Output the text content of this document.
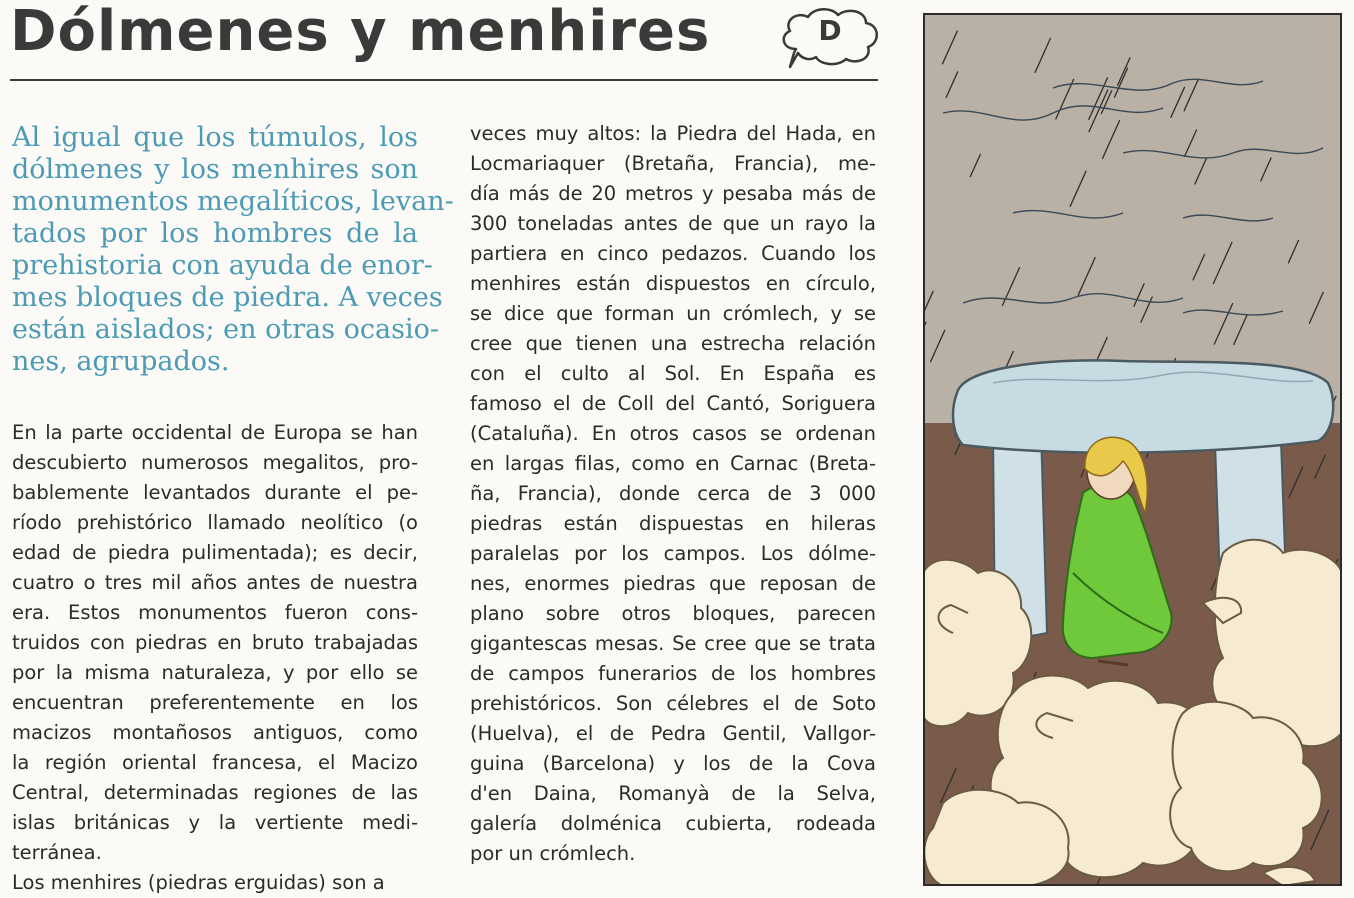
Dólmenes y menhires	D
Al igual que los túmulos, los
dólmenes y los menhires son
monumentos megalíticos, levan-
tados por los hombres de la
prehistoria con ayuda de enor-
mes bloques de piedra. A veces
están aislados; en otras ocasio-
nes, agrupados.
En la parte occidental de Europa se han
descubierto numerosos megalitos, pro-
bablemente levantados durante el pe-
ríodo prehistórico llamado neolítico (o
edad de piedra pulimentada); es decir,
cuatro o tres mil años antes de nuestra
era. Estos monumentos fueron cons-
truidos con piedras en bruto trabajadas
por la misma naturaleza, y por ello se
encuentran preferentemente en los
macizos montañosos antiguos, como
la región oriental francesa, el Macizo
Central, determinadas regiones de las
islas británicas y la vertiente medi-
terránea.
Los menhires (piedras erguidas) son a
veces muy altos: la Piedra del Hada, en
Locmariaquer (Bretaña, Francia), me-
día más de 20 metros y pesaba más de
300 toneladas antes de que un rayo la
partiera en cinco pedazos. Cuando los
menhires están dispuestos en círculo,
se dice que forman un crómlech, y se
cree que tienen una estrecha relación
con el culto al Sol. En España es
famoso el de Coll del Cantó, Soriguera
(Cataluña). En otros casos se ordenan
en largas filas, como en Carnac (Breta-
ña, Francia), donde cerca de 3 000
piedras están dispuestas en hileras
paralelas por los campos. Los dólme-
nes, enormes piedras que reposan de
plano sobre otros bloques, parecen
gigantescas mesas. Se cree que se trata
de campos funerarios de los hombres
prehistóricos. Son célebres el de Soto
(Huelva), el de Pedra Gentil, Vallgor-
guina (Barcelona) y los de la Cova
d'en Daina, Romanyà de la Selva,
galería dolménica cubierta, rodeada
por un crómlech.
